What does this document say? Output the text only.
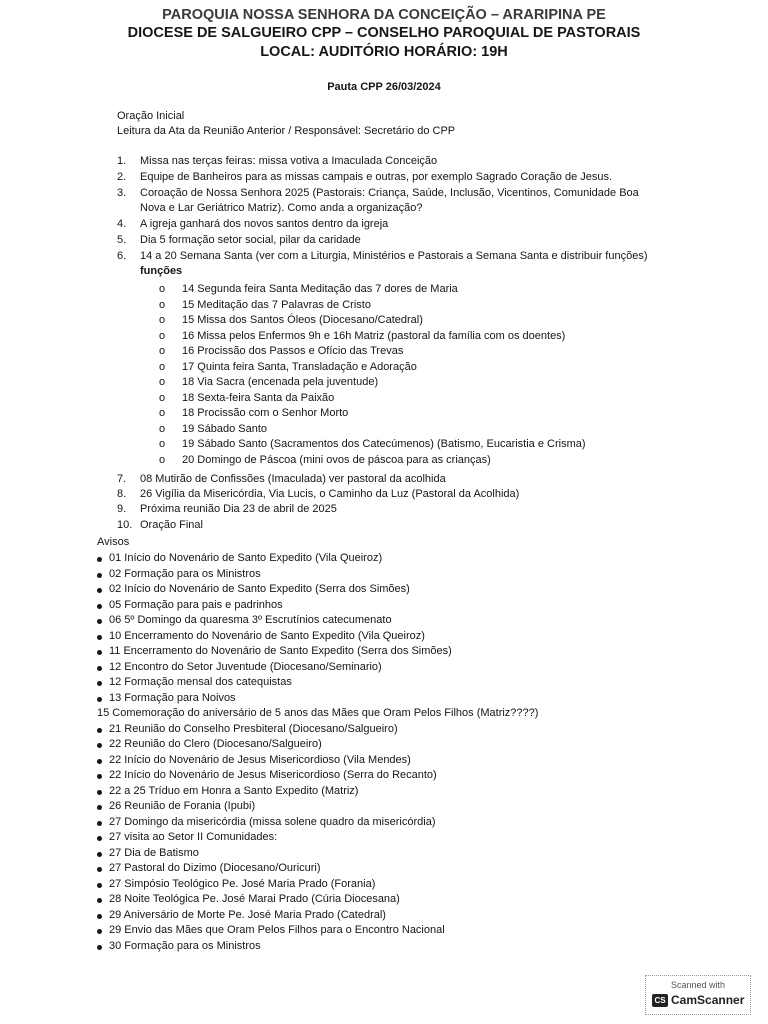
PAROQUIA NOSSA SENHORA DA CONCEIÇÃO – ARARIPINA PE
DIOCESE DE SALGUEIRO CPP – CONSELHO PAROQUIAL DE PASTORAIS
LOCAL: AUDITÓRIO HORÁRIO: 19H
Pauta CPP 26/03/2024
Oração Inicial
Leitura da Ata da Reunião Anterior / Responsável: Secretário do CPP
1. Missa nas terças feiras: missa votiva a Imaculada Conceição
2. Equipe de Banheiros para as missas campais e outras, por exemplo Sagrado Coração de Jesus.
3. Coroação de Nossa Senhora 2025 (Pastorais: Criança, Saúde, Inclusão, Vicentinos, Comunidade Boa
Nova e Lar Geriátrico Matriz). Como anda a organização?
4. A igreja ganhará dos novos santos dentro da igreja
5. Dia 5 formação setor social, pilar da caridade
6. 14 a 20 Semana Santa (ver com a Liturgia, Ministérios e Pastorais a Semana Santa e distribuir funções)
funções
7. 08 Mutirão de Confissões (Imaculada) ver pastoral da acolhida
8. 26 Vigília da Misericórdia, Via Lucis, o Caminho da Luz (Pastoral da Acolhida)
9. Próxima reunião Dia 23 de abril de 2025
10. Oração Final
o 14 Segunda feira Santa Meditação das 7 dores de Maria
o 15 Meditação das 7 Palavras de Cristo
o 15 Missa dos Santos Óleos (Diocesano/Catedral)
o 16 Missa pelos Enfermos 9h e 16h Matriz (pastoral da família com os doentes)
o 16 Procissão dos Passos e Ofício das Trevas
o 17 Quinta feira Santa, Transladação e Adoração
o 18 Via Sacra (encenada pela juventude)
o 18 Sexta-feira Santa da Paixão
o 18 Procissão com o Senhor Morto
o 19 Sábado Santo
o 19 Sábado Santo (Sacramentos dos Catecúmenos) (Batismo, Eucaristia e Crisma)
o 20 Domingo de Páscoa (mini ovos de páscoa para as crianças)
Avisos
01 Início do Novenário de Santo Expedito (Vila Queiroz)
02 Formação para os Ministros
02 Início do Novenário de Santo Expedito (Serra dos Simões)
05 Formação para pais e padrinhos
06 5º Domingo da quaresma 3º Escrutínios catecumenato
10 Encerramento do Novenário de Santo Expedito (Vila Queiroz)
11 Encerramento do Novenário de Santo Expedito (Serra dos Simões)
12 Encontro do Setor Juventude (Diocesano/Seminario)
12 Formação mensal dos catequistas
13 Formação para Noivos
15 Comemoração do aniversário de 5 anos das Mães que Oram Pelos Filhos (Matriz????)
21 Reunião do Conselho Presbiteral (Diocesano/Salgueiro)
22 Reunião do Clero (Diocesano/Salgueiro)
22 Início do Novenário de Jesus Misericordioso (Vila Mendes)
22 Início do Novenário de Jesus Misericordioso (Serra do Recanto)
22 a 25 Tríduo em Honra a Santo Expedito (Matriz)
26 Reunião de Forania (Ipubi)
27 Domingo da misericórdia (missa solene quadro da misericórdia)
27 visita ao Setor II Comunidades:
27 Dia de Batismo
27 Pastoral do Dizimo (Diocesano/Ouricuri)
27 Simpósio Teológico Pe. José Maria Prado (Forania)
28 Noite Teológica Pe. José Marai Prado (Cúria Diocesana)
29 Aniversário de Morte Pe. José Maria Prado (Catedral)
29 Envio das Mães que Oram Pelos Filhos para o Encontro Nacional
30 Formação para os Ministros
Scanned with
CS CamScanner
